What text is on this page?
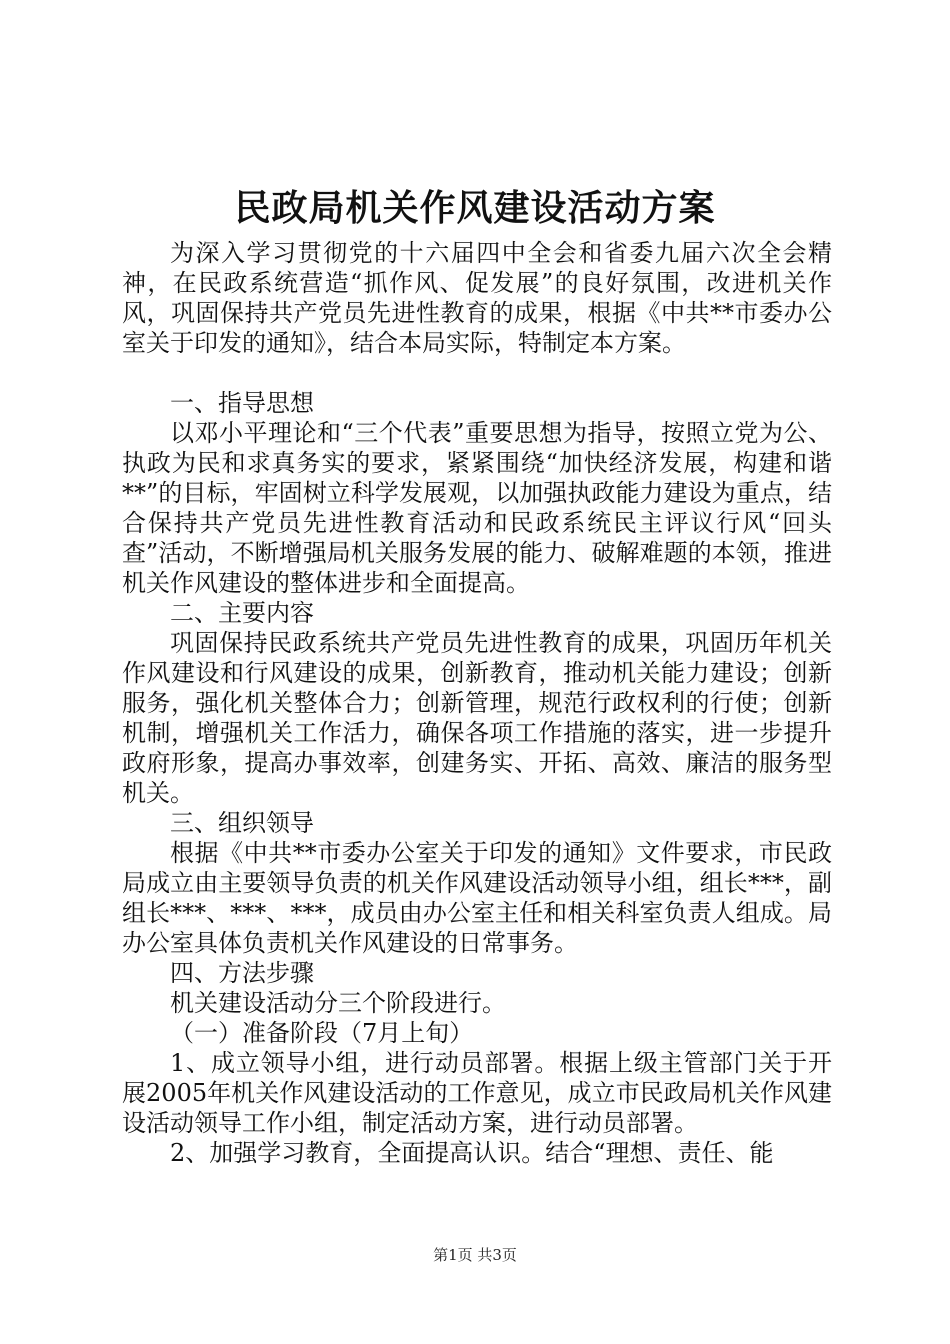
民政局机关作风建设活动方案

为深入学习贯彻党的十六届四中全会和省委九届六次全会精神，在民政系统营造“抓作风、促发展”的良好氛围，改进机关作风，巩固保持共产党员先进性教育的成果，根据《中共**市委办公室关于印发的通知》，结合本局实际，特制定本方案。

一、指导思想

以邓小平理论和“三个代表”重要思想为指导，按照立党为公、执政为民和求真务实的要求，紧紧围绕“加快经济发展，构建和谐**”的目标，牢固树立科学发展观，以加强执政能力建设为重点，结合保持共产党员先进性教育活动和民政系统民主评议行风“回头查”活动，不断增强局机关服务发展的能力、破解难题的本领，推进机关作风建设的整体进步和全面提高。

二、主要内容

巩固保持民政系统共产党员先进性教育的成果，巩固历年机关作风建设和行风建设的成果，创新教育，推动机关能力建设；创新服务，强化机关整体合力；创新管理，规范行政权利的行使；创新机制，增强机关工作活力，确保各项工作措施的落实，进一步提升政府形象，提高办事效率，创建务实、开拓、高效、廉洁的服务型机关。

三、组织领导

根据《中共**市委办公室关于印发的通知》文件要求，市民政局成立由主要领导负责的机关作风建设活动领导小组，组长***，副组长***、***、***，成员由办公室主任和相关科室负责人组成。局办公室具体负责机关作风建设的日常事务。

四、方法步骤

机关建设活动分三个阶段进行。

（一）准备阶段（7月上旬）

1、成立领导小组，进行动员部署。根据上级主管部门关于开展2005年机关作风建设活动的工作意见，成立市民政局机关作风建设活动领导工作小组，制定活动方案，进行动员部署。

2、加强学习教育，全面提高认识。结合“理想、责任、能

第1页 共3页
